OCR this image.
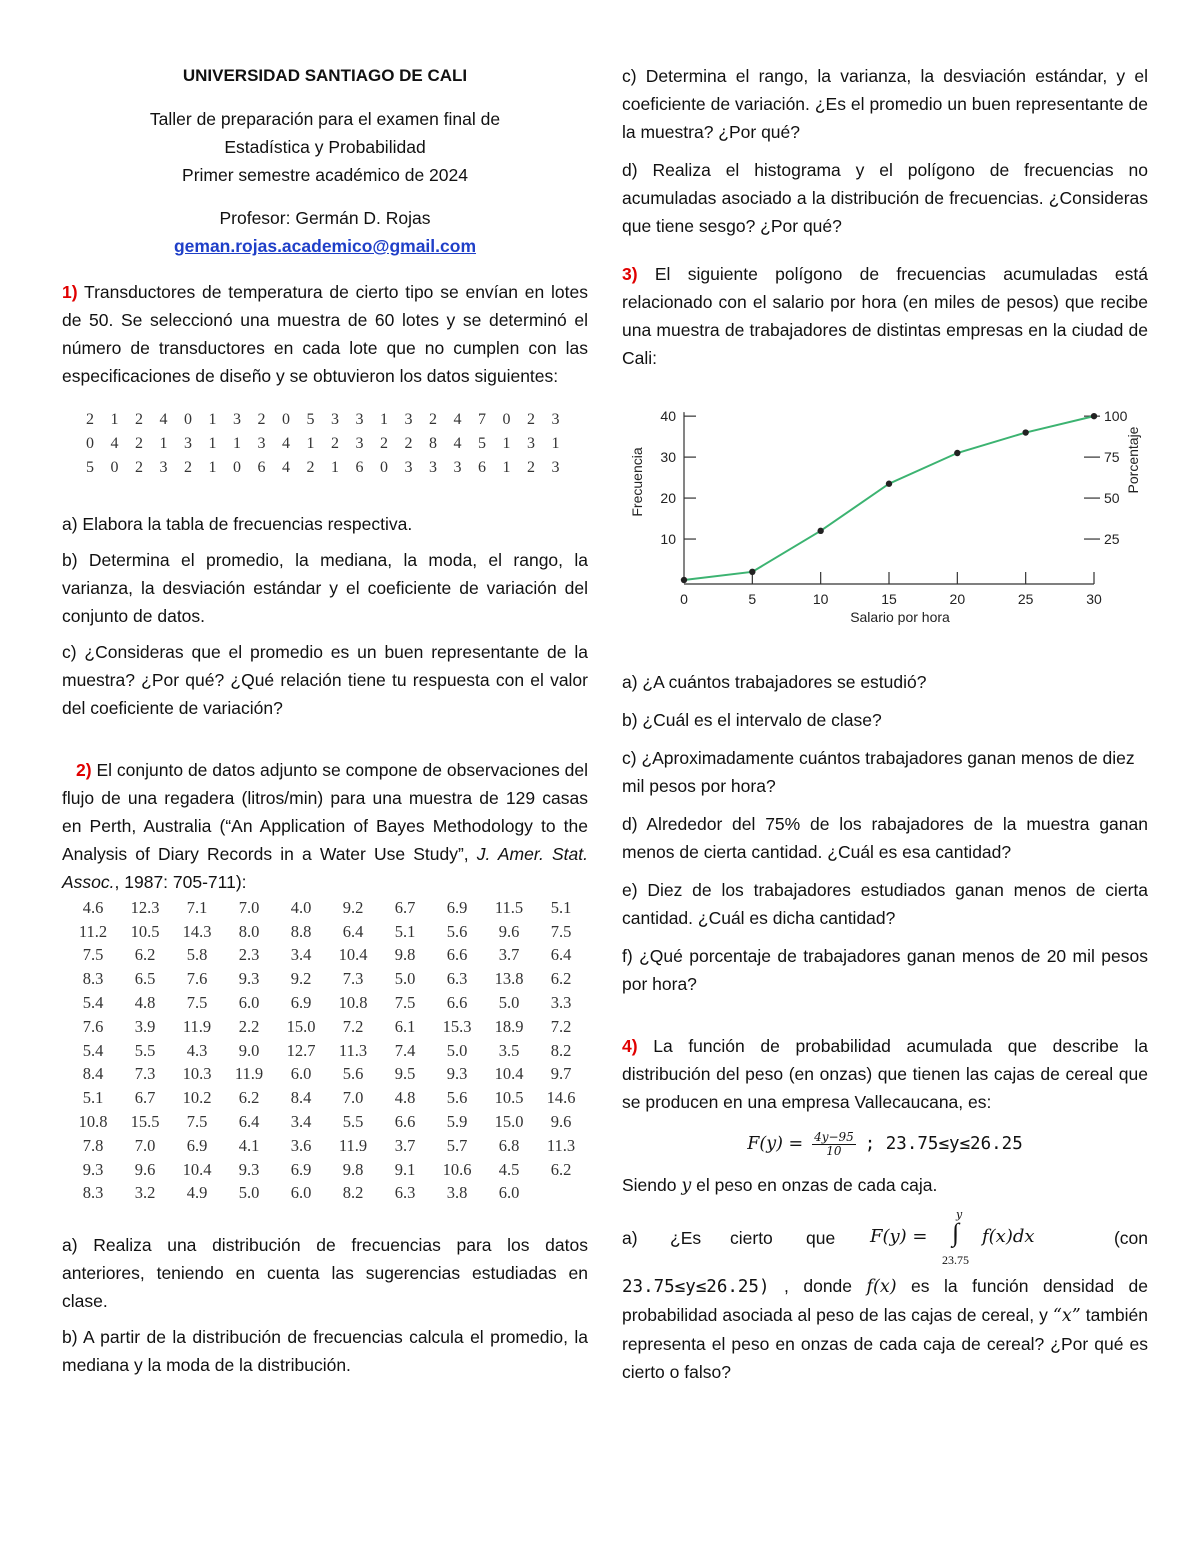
UNIVERSIDAD SANTIAGO DE CALI

Taller de preparación para el examen final de

Estadística y Probabilidad

Primer semestre académico de 2024

Profesor: Germán D. Rojas

geman.rojas.academico@gmail.com

1) Transductores de temperatura de cierto tipo se envían en lotes de 50. Se seleccionó una muestra de 60 lotes y se determinó el número de transductores en cada lote que no cumplen con las especificaciones de diseño y se obtuvieron los datos siguientes:

2	1	2	4	0	1	3	2	0	5	3	3	1	3	2	4	7	0	2	3
0	4	2	1	3	1	1	3	4	1	2	3	2	2	8	4	5	1	3	1
5	0	2	3	2	1	0	6	4	2	1	6	0	3	3	3	6	1	2	3

a) Elabora la tabla de frecuencias respectiva.

b) Determina el promedio, la mediana, la moda, el rango, la varianza, la desviación estándar y el coeficiente de variación del conjunto de datos.

c) ¿Consideras que el promedio es un buen representante de la muestra? ¿Por qué? ¿Qué relación tiene tu respuesta con el valor del coeficiente de variación?

2) El conjunto de datos adjunto se compone de observaciones del flujo de una regadera (litros/min) para una muestra de 129 casas en Perth, Australia (“An Application of Bayes Methodology to the Analysis of Diary Records in a Water Use Study”, J. Amer. Stat. Assoc., 1987: 705-711):

4.6	12.3	7.1	7.0	4.0	9.2	6.7	6.9	11.5	5.1
11.2	10.5	14.3	8.0	8.8	6.4	5.1	5.6	9.6	7.5
7.5	6.2	5.8	2.3	3.4	10.4	9.8	6.6	3.7	6.4
8.3	6.5	7.6	9.3	9.2	7.3	5.0	6.3	13.8	6.2
5.4	4.8	7.5	6.0	6.9	10.8	7.5	6.6	5.0	3.3
7.6	3.9	11.9	2.2	15.0	7.2	6.1	15.3	18.9	7.2
5.4	5.5	4.3	9.0	12.7	11.3	7.4	5.0	3.5	8.2
8.4	7.3	10.3	11.9	6.0	5.6	9.5	9.3	10.4	9.7
5.1	6.7	10.2	6.2	8.4	7.0	4.8	5.6	10.5	14.6
10.8	15.5	7.5	6.4	3.4	5.5	6.6	5.9	15.0	9.6
7.8	7.0	6.9	4.1	3.6	11.9	3.7	5.7	6.8	11.3
9.3	9.6	10.4	9.3	6.9	9.8	9.1	10.6	4.5	6.2
8.3	3.2	4.9	5.0	6.0	8.2	6.3	3.8	6.0	

a) Realiza una distribución de frecuencias para los datos anteriores, teniendo en cuenta las sugerencias estudiadas en clase.

b) A partir de la distribución de frecuencias calcula el promedio, la mediana y la moda de la distribución.

c) Determina el rango, la varianza, la desviación estándar, y el coeficiente de variación. ¿Es el promedio un buen representante de la muestra? ¿Por qué?

d) Realiza el histograma y el polígono de frecuencias no acumuladas asociado a la distribución de frecuencias. ¿Consideras que tiene sesgo? ¿Por qué?

3) El siguiente polígono de frecuencias acumuladas está relacionado con el salario por hora (en miles de pesos) que recibe una muestra de trabajadores de distintas empresas en la ciudad de Cali:

10
20
30
40
25
50
75
100
0	5	10	15	20	25	30
Salario por hora
Frecuencia	Porcentaje

a) ¿A cuántos trabajadores se estudió?

b) ¿Cuál es el intervalo de clase?

c) ¿Aproximadamente cuántos trabajadores ganan menos de diez mil pesos por hora?

d) Alrededor del 75% de los rabajadores de la muestra ganan menos de cierta cantidad. ¿Cuál es esa cantidad?

e) Diez de los trabajadores estudiados ganan menos de cierta cantidad. ¿Cuál es dicha cantidad?

f) ¿Qué porcentaje de trabajadores ganan menos de 20 mil pesos por hora?

4) La función de probabilidad acumulada que describe la distribución del peso (en onzas) que tienen las cajas de cereal que se producen en una empresa Vallecaucana, es:

$F(y) = \frac{4y-95}{10}$ ; 23.75≤y≤26.25

Siendo y el peso en onzas de cada caja.

a) ¿Es cierto que F(y) =
y
∫
23.75
f(x)dx	(con

23.75≤y≤26.25) , donde f(x) es la función densidad de probabilidad asociada al peso de las cajas de cereal, y “x” también representa el peso en onzas de cada caja de cereal? ¿Por qué es cierto o falso?
